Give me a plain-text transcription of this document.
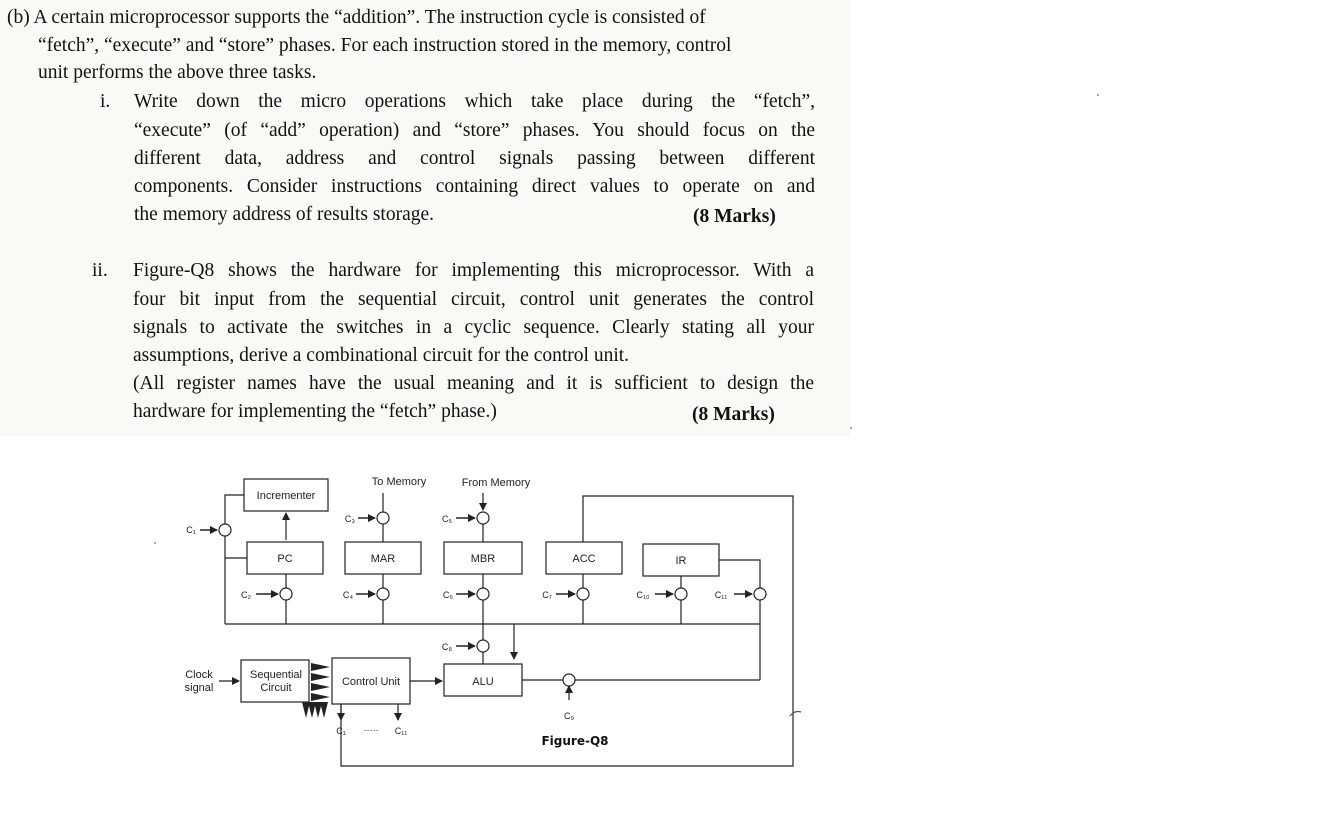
(b) A certain microprocessor supports the “addition”. The instruction cycle is consisted of
“fetch”, “execute” and “store” phases. For each instruction stored in the memory, control
unit performs the above three tasks.
i. Write down the micro operations which take place during the “fetch”,
“execute” (of “add” operation) and “store” phases. You should focus on the
different data, address and control signals passing between different
components. Consider instructions containing direct values to operate on and
the memory address of results storage.	(8 Marks)
ii. Figure-Q8 shows the hardware for implementing this microprocessor. With a
four bit input from the sequential circuit, control unit generates the control
signals to activate the switches in a cyclic sequence. Clearly stating all your
assumptions, derive a combinational circuit for the control unit.
(All register names have the usual meaning and it is sufficient to design the
hardware for implementing the “fetch” phase.)	(8 Marks)
Incrementer
PC	MAR	MBR	ACC	IR
Sequential
Circuit	Control Unit	ALU
To Memory	From Memory
Clock
signal
C₁
C₂
C₃
C₄
C₅
C₆	C₇
C₈
C₉
C₁₀	C₁₁
C₁ ····· C₁₁
Figure-Q8
